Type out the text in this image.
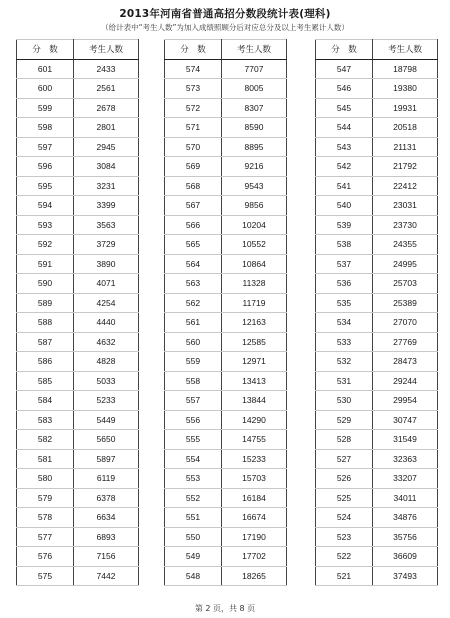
2013年河南省普通高招分数段统计表(理科)
（给计表中“考生人数”为加入成绩照顾分后对应总分及以上考生累计人数）
分　数	考生人数
601	2433
600	2561
599	2678
598	2801
597	2945
596	3084
595	3231
594	3399
593	3563
592	3729
591	3890
590	4071
589	4254
588	4440
587	4632
586	4828
585	5033
584	5233
583	5449
582	5650
581	5897
580	6119
579	6378
578	6634
577	6893
576	7156
575	7442
分　数	考生人数
574	7707
573	8005
572	8307
571	8590
570	8895
569	9216
568	9543
567	9856
566	10204
565	10552
564	10864
563	11328
562	11719
561	12163
560	12585
559	12971
558	13413
557	13844
556	14290
555	14755
554	15233
553	15703
552	16184
551	16674
550	17190
549	17702
548	18265
分　数	考生人数
547	18798
546	19380
545	19931
544	20518
543	21131
542	21792
541	22412
540	23031
539	23730
538	24355
537	24995
536	25703
535	25389
534	27070
533	27769
532	28473
531	29244
530	29954
529	30747
528	31549
527	32363
526	33207
525	34011
524	34876
523	35756
522	36609
521	37493
第 2 页，共 8 页
